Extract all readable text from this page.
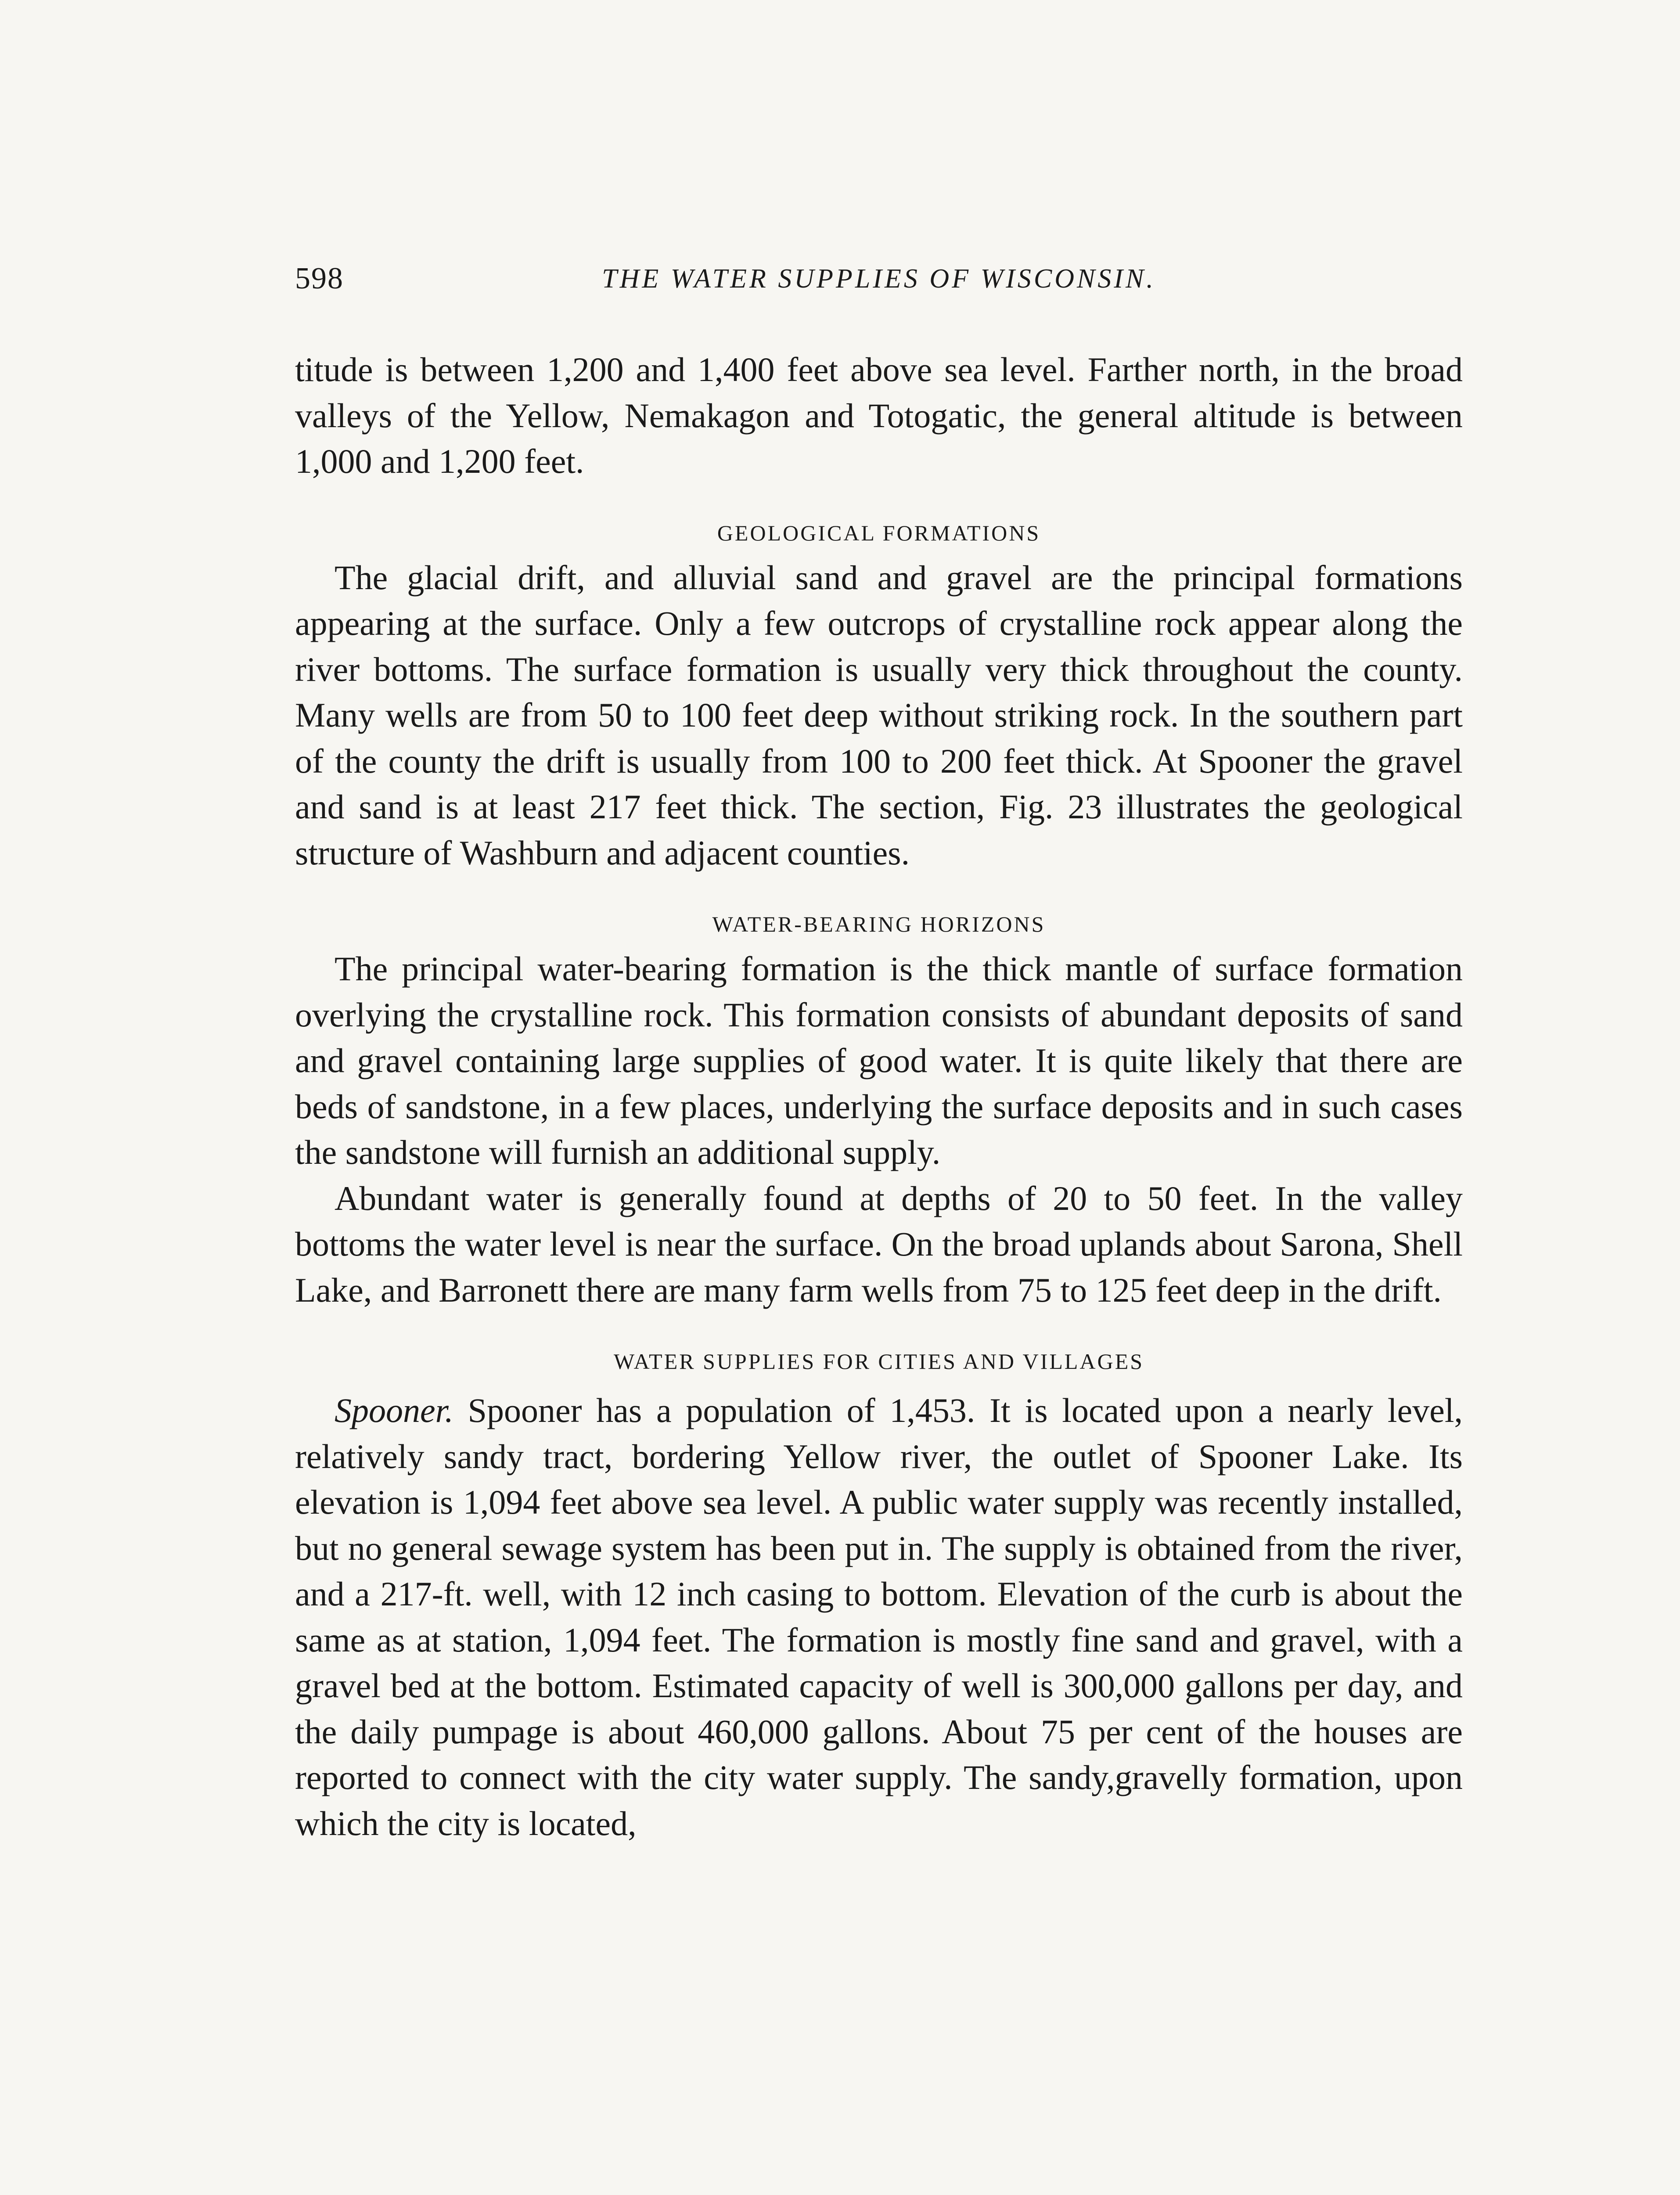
598	THE WATER SUPPLIES OF WISCONSIN.

titude is between 1,200 and 1,400 feet above sea level. Farther north, in the broad valleys of the Yellow, Nemakagon and Totogatic, the general altitude is between 1,000 and 1,200 feet.

GEOLOGICAL FORMATIONS

The glacial drift, and alluvial sand and gravel are the principal formations appearing at the surface. Only a few outcrops of crystalline rock appear along the river bottoms. The surface formation is usually very thick throughout the county. Many wells are from 50 to 100 feet deep without striking rock. In the southern part of the county the drift is usually from 100 to 200 feet thick. At Spooner the gravel and sand is at least 217 feet thick. The section, Fig. 23 illustrates the geological structure of Washburn and adjacent counties.

WATER-BEARING HORIZONS

The principal water-bearing formation is the thick mantle of surface formation overlying the crystalline rock. This formation consists of abundant deposits of sand and gravel containing large supplies of good water. It is quite likely that there are beds of sandstone, in a few places, underlying the surface deposits and in such cases the sandstone will furnish an additional supply.

Abundant water is generally found at depths of 20 to 50 feet. In the valley bottoms the water level is near the surface. On the broad uplands about Sarona, Shell Lake, and Barronett there are many farm wells from 75 to 125 feet deep in the drift.

WATER SUPPLIES FOR CITIES AND VILLAGES

Spooner. Spooner has a population of 1,453. It is located upon a nearly level, relatively sandy tract, bordering Yellow river, the outlet of Spooner Lake. Its elevation is 1,094 feet above sea level. A public water supply was recently installed, but no general sewage system has been put in. The supply is obtained from the river, and a 217-ft. well, with 12 inch casing to bottom. Elevation of the curb is about the same as at station, 1,094 feet. The formation is mostly fine sand and gravel, with a gravel bed at the bottom. Estimated capacity of well is 300,000 gallons per day, and the daily pumpage is about 460,000 gallons. About 75 per cent of the houses are reported to connect with the city water supply. The sandy,gravelly formation, upon which the city is located,
